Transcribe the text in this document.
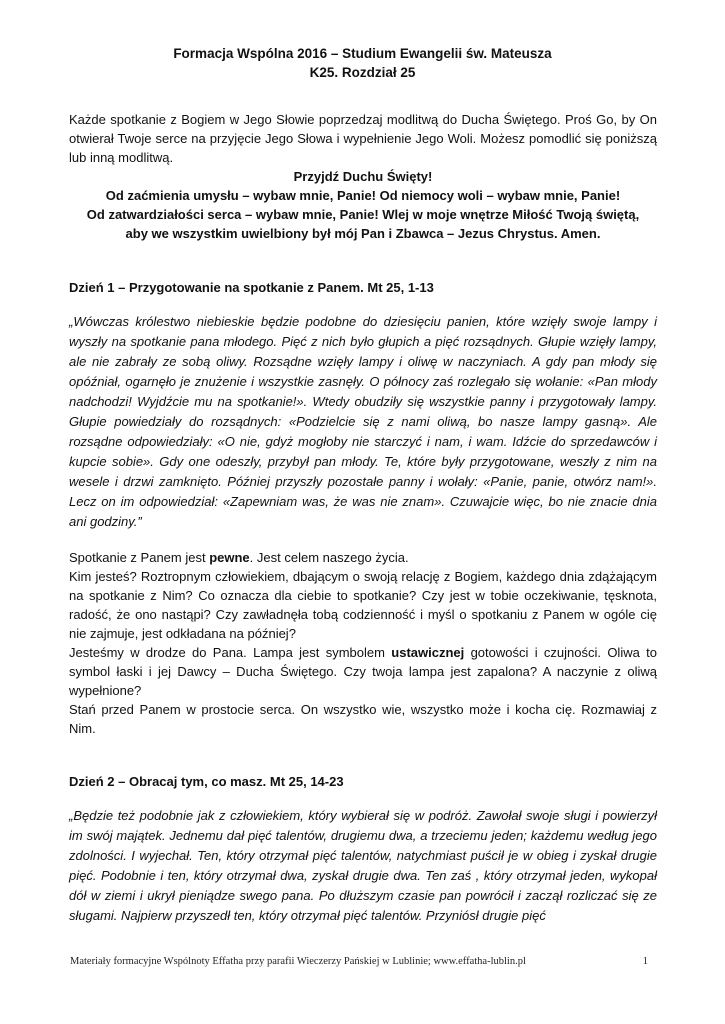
Formacja Wspólna 2016 – Studium Ewangelii św. Mateusza
K25. Rozdział 25

Każde spotkanie z Bogiem w Jego Słowie poprzedzaj modlitwą do Ducha Świętego. Proś Go, by On otwierał Twoje serce na przyjęcie Jego Słowa i wypełnienie Jego Woli. Możesz pomodlić się poniższą lub inną modlitwą.

Przyjdź Duchu Święty!

Od zaćmienia umysłu – wybaw mnie, Panie! Od niemocy woli – wybaw mnie, Panie!

Od zatwardziałości serca – wybaw mnie, Panie! Wlej w moje wnętrze Miłość Twoją świętą,

aby we wszystkim uwielbiony był mój Pan i Zbawca – Jezus Chrystus. Amen.

Dzień 1 – Przygotowanie na spotkanie z Panem. Mt 25, 1-13

„Wówczas królestwo niebieskie będzie podobne do dziesięciu panien, które wzięły swoje lampy i wyszły na spotkanie pana młodego. Pięć z nich było głupich a pięć rozsądnych. Głupie wzięły lampy, ale nie zabrały ze sobą oliwy. Rozsądne wzięły lampy i oliwę w naczyniach. A gdy pan młody się opóźniał, ogarnęło je znużenie i wszystkie zasnęły. O północy zaś rozlegało się wołanie: «Pan młody nadchodzi! Wyjdźcie mu na spotkanie!». Wtedy obudziły się wszystkie panny i przygotowały lampy. Głupie powiedziały do rozsądnych: «Podzielcie się z nami oliwą, bo nasze lampy gasną». Ale rozsądne odpowiedziały: «O nie, gdyż mogłoby nie starczyć i nam, i wam. Idźcie do sprzedawców i kupcie sobie». Gdy one odeszły, przybył pan młody. Te, które były przygotowane, weszły z nim na wesele i drzwi zamknięto. Później przyszły pozostałe panny i wołały: «Panie, panie, otwórz nam!». Lecz on im odpowiedział: «Zapewniam was, że was nie znam». Czuwajcie więc, bo nie znacie dnia ani godziny.”

Spotkanie z Panem jest pewne. Jest celem naszego życia.

Kim jesteś? Roztropnym człowiekiem, dbającym o swoją relację z Bogiem, każdego dnia zdążającym na spotkanie z Nim? Co oznacza dla ciebie to spotkanie? Czy jest w tobie oczekiwanie, tęsknota, radość, że ono nastąpi? Czy zawładnęła tobą codzienność i myśl o spotkaniu z Panem w ogóle cię nie zajmuje, jest odkładana na później?

Jesteśmy w drodze do Pana. Lampa jest symbolem ustawicznej gotowości i czujności. Oliwa to symbol łaski i jej Dawcy – Ducha Świętego. Czy twoja lampa jest zapalona? A naczynie z oliwą wypełnione?

Stań przed Panem w prostocie serca. On wszystko wie, wszystko może i kocha cię. Rozmawiaj z Nim.

Dzień 2 – Obracaj tym, co masz. Mt 25, 14-23

„Będzie też podobnie jak z człowiekiem, który wybierał się w podróż. Zawołał swoje sługi i powierzył im swój majątek. Jednemu dał pięć talentów, drugiemu dwa, a trzeciemu jeden; każdemu według jego zdolności. I wyjechał. Ten, który otrzymał pięć talentów, natychmiast puścił je w obieg i zyskał drugie pięć. Podobnie i ten, który otrzymał dwa, zyskał drugie dwa. Ten zaś , który otrzymał jeden, wykopał dół w ziemi i ukrył pieniądze swego pana. Po dłuższym czasie pan powrócił i zaczął rozliczać się ze sługami. Najpierw przyszedł ten, który otrzymał pięć talentów. Przyniósł drugie pięć

Materiały formacyjne Wspólnoty Effatha przy parafii Wieczerzy Pańskiej w Lublinie; www.effatha-lublin.pl	1
